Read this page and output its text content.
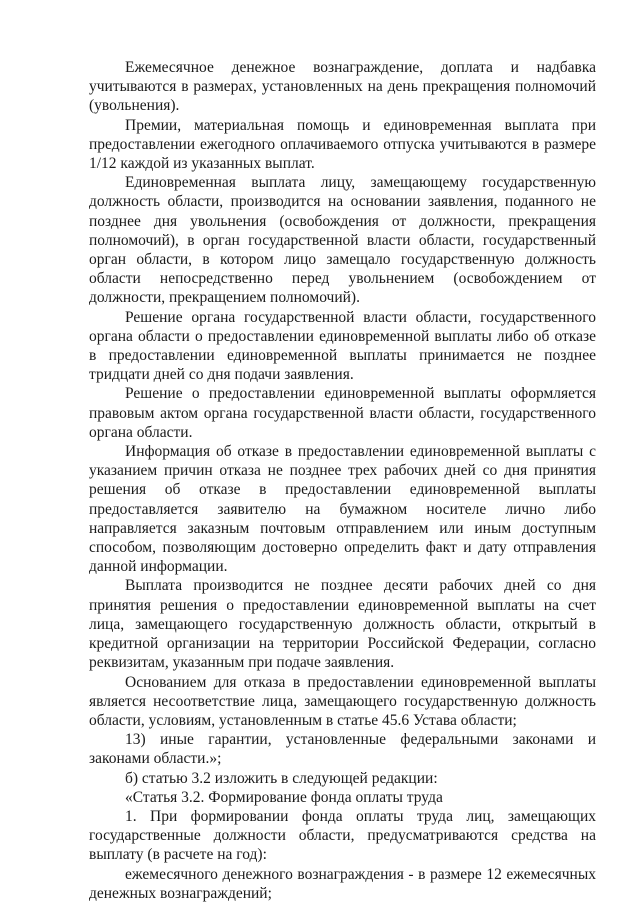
Ежемесячное денежное вознаграждение, доплата и надбавка учитываются в размерах, установленных на день прекращения полномочий (увольнения).

Премии, материальная помощь и единовременная выплата при предоставлении ежегодного оплачиваемого отпуска учитываются в размере 1/12 каждой из указанных выплат.

Единовременная выплата лицу, замещающему государственную должность области, производится на основании заявления, поданного не позднее дня увольнения (освобождения от должности, прекращения полномочий), в орган государственной власти области, государственный орган области, в котором лицо замещало государственную должность области непосредственно перед увольнением (освобождением от должности, прекращением полномочий).

Решение органа государственной власти области, государственного органа области о предоставлении единовременной выплаты либо об отказе в предоставлении единовременной выплаты принимается не позднее тридцати дней со дня подачи заявления.

Решение о предоставлении единовременной выплаты оформляется правовым актом органа государственной власти области, государственного органа области.

Информация об отказе в предоставлении единовременной выплаты с указанием причин отказа не позднее трех рабочих дней со дня принятия решения об отказе в предоставлении единовременной выплаты предоставляется заявителю на бумажном носителе лично либо направляется заказным почтовым отправлением или иным доступным способом, позволяющим достоверно определить факт и дату отправления данной информации.

Выплата производится не позднее десяти рабочих дней со дня принятия решения о предоставлении единовременной выплаты на счет лица, замещающего государственную должность области, открытый в кредитной организации на территории Российской Федерации, согласно реквизитам, указанным при подаче заявления.

Основанием для отказа в предоставлении единовременной выплаты является несоответствие лица, замещающего государственную должность области, условиям, установленным в статье 45.6 Устава области;

13) иные гарантии, установленные федеральными законами и законами области.»;

б) статью 3.2 изложить в следующей редакции:

«Статья 3.2. Формирование фонда оплаты труда

1. При формировании фонда оплаты труда лиц, замещающих государственные должности области, предусматриваются средства на выплату (в расчете на год):

ежемесячного денежного вознаграждения - в размере 12 ежемесячных денежных вознаграждений;
